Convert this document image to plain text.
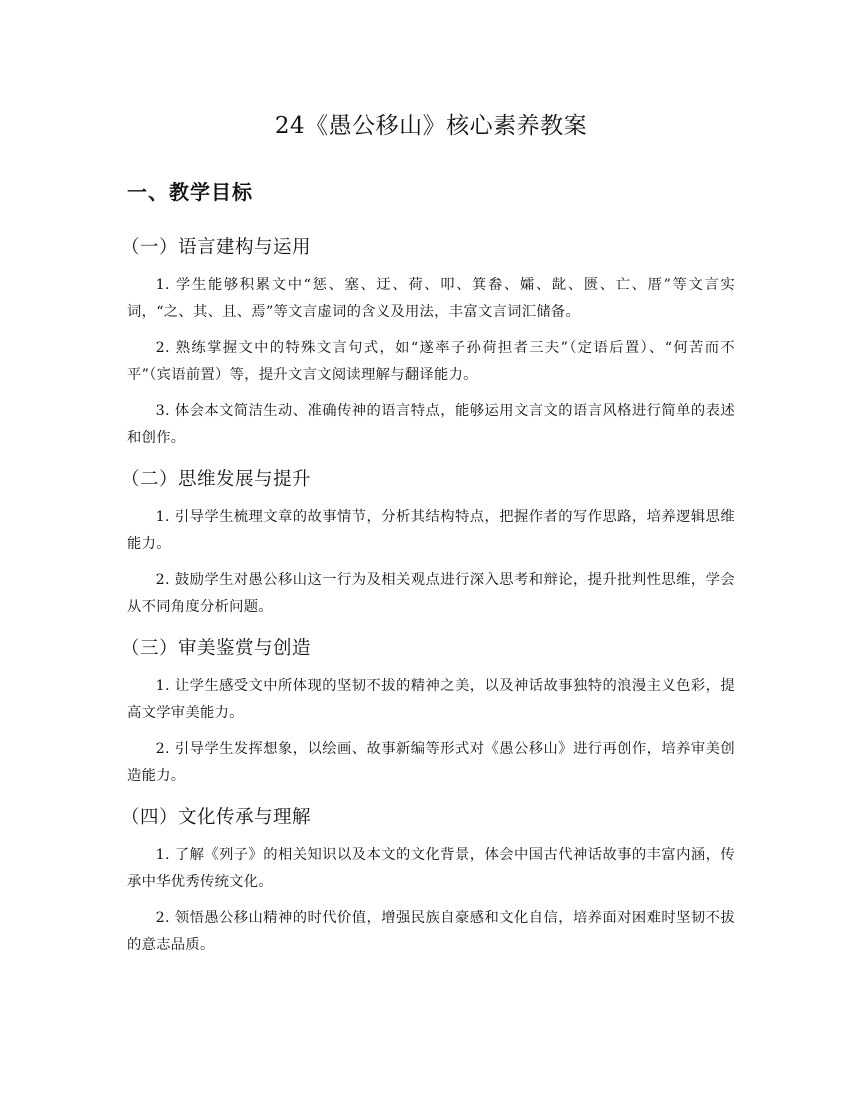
24《愚公移山》核心素养教案
一、教学目标
（一）语言建构与运用

1. 学生能够积累文中“惩、塞、迂、荷、叩、箕畚、孀、龀、匮、亡、厝”等文言实词，“之、其、且、焉”等文言虚词的含义及用法，丰富文言词汇储备。

2. 熟练掌握文中的特殊文言句式，如“遂率子孙荷担者三夫”（定语后置）、“何苦而不平”（宾语前置）等，提升文言文阅读理解与翻译能力。

3. 体会本文简洁生动、准确传神的语言特点，能够运用文言文的语言风格进行简单的表述和创作。

（二）思维发展与提升

1. 引导学生梳理文章的故事情节，分析其结构特点，把握作者的写作思路，培养逻辑思维能力。

2. 鼓励学生对愚公移山这一行为及相关观点进行深入思考和辩论，提升批判性思维，学会从不同角度分析问题。

（三）审美鉴赏与创造

1. 让学生感受文中所体现的坚韧不拔的精神之美，以及神话故事独特的浪漫主义色彩，提高文学审美能力。

2. 引导学生发挥想象，以绘画、故事新编等形式对《愚公移山》进行再创作，培养审美创造能力。

（四）文化传承与理解

1. 了解《列子》的相关知识以及本文的文化背景，体会中国古代神话故事的丰富内涵，传承中华优秀传统文化。

2. 领悟愚公移山精神的时代价值，增强民族自豪感和文化自信，培养面对困难时坚韧不拔的意志品质。
